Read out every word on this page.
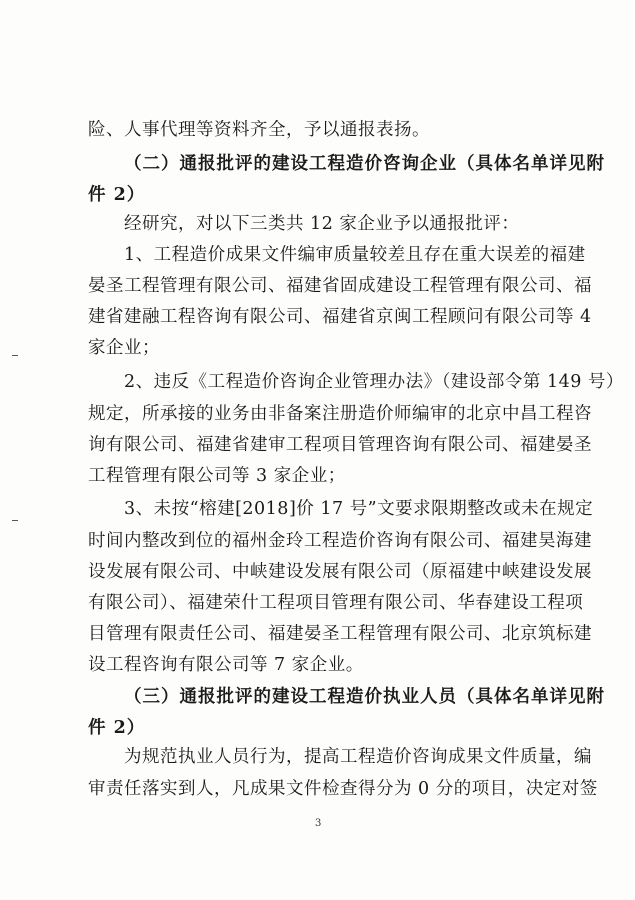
险、人事代理等资料齐全，予以通报表扬。
（二）通报批评的建设工程造价咨询企业（具体名单详见附
件 2）
经研究，对以下三类共 12 家企业予以通报批评：
1、工程造价成果文件编审质量较差且存在重大误差的福建
晏圣工程管理有限公司、福建省固成建设工程管理有限公司、福
建省建融工程咨询有限公司、福建省京闽工程顾问有限公司等 4
家企业；
2、违反《工程造价咨询企业管理办法》（建设部令第 149 号）
规定，所承接的业务由非备案注册造价师编审的北京中昌工程咨
询有限公司、福建省建审工程项目管理咨询有限公司、福建晏圣
工程管理有限公司等 3 家企业；
3、未按“榕建[2018]价 17 号”文要求限期整改或未在规定
时间内整改到位的福州金玲工程造价咨询有限公司、福建昊海建
设发展有限公司、中峡建设发展有限公司（原福建中峡建设发展
有限公司）、福建荣什工程项目管理有限公司、华春建设工程项
目管理有限责任公司、福建晏圣工程管理有限公司、北京筑标建
设工程咨询有限公司等 7 家企业。
（三）通报批评的建设工程造价执业人员（具体名单详见附
件 2）
为规范执业人员行为，提高工程造价咨询成果文件质量，编
审责任落实到人，凡成果文件检查得分为 0 分的项目，决定对签
3
